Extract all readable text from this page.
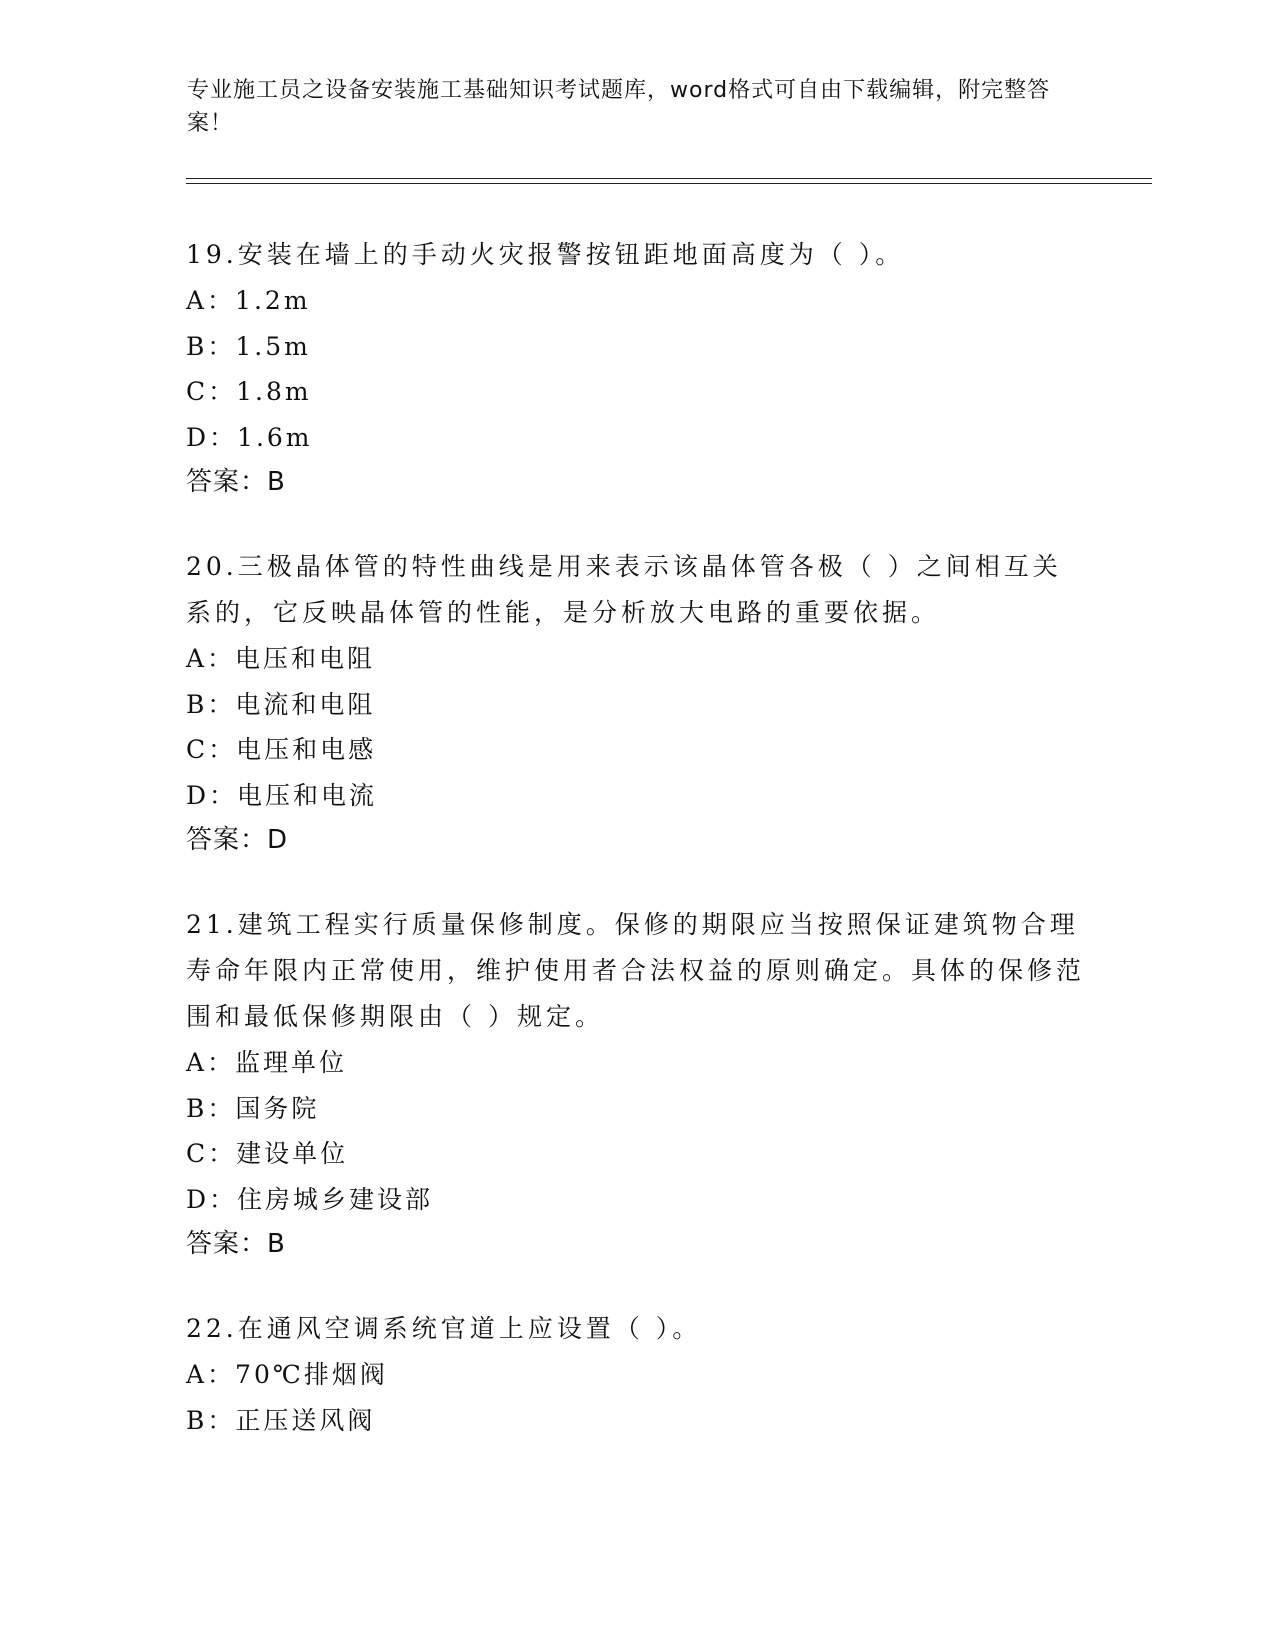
专业施工员之设备安装施工基础知识考试题库，word格式可自由下载编辑，附完整答案！
19.安装在墙上的手动火灾报警按钮距地面高度为（ ）。
A：1.2m
B：1.5m
C：1.8m
D：1.6m
答案：B
20.三极晶体管的特性曲线是用来表示该晶体管各极（ ）之间相互关系的，它反映晶体管的性能，是分析放大电路的重要依据。
A：电压和电阻
B：电流和电阻
C：电压和电感
D：电压和电流
答案：D
21.建筑工程实行质量保修制度。保修的期限应当按照保证建筑物合理寿命年限内正常使用，维护使用者合法权益的原则确定。具体的保修范围和最低保修期限由（ ）规定。
A：监理单位
B：国务院
C：建设单位
D：住房城乡建设部
答案：B
22.在通风空调系统官道上应设置（ ）。
A：70℃排烟阀
B：正压送风阀
